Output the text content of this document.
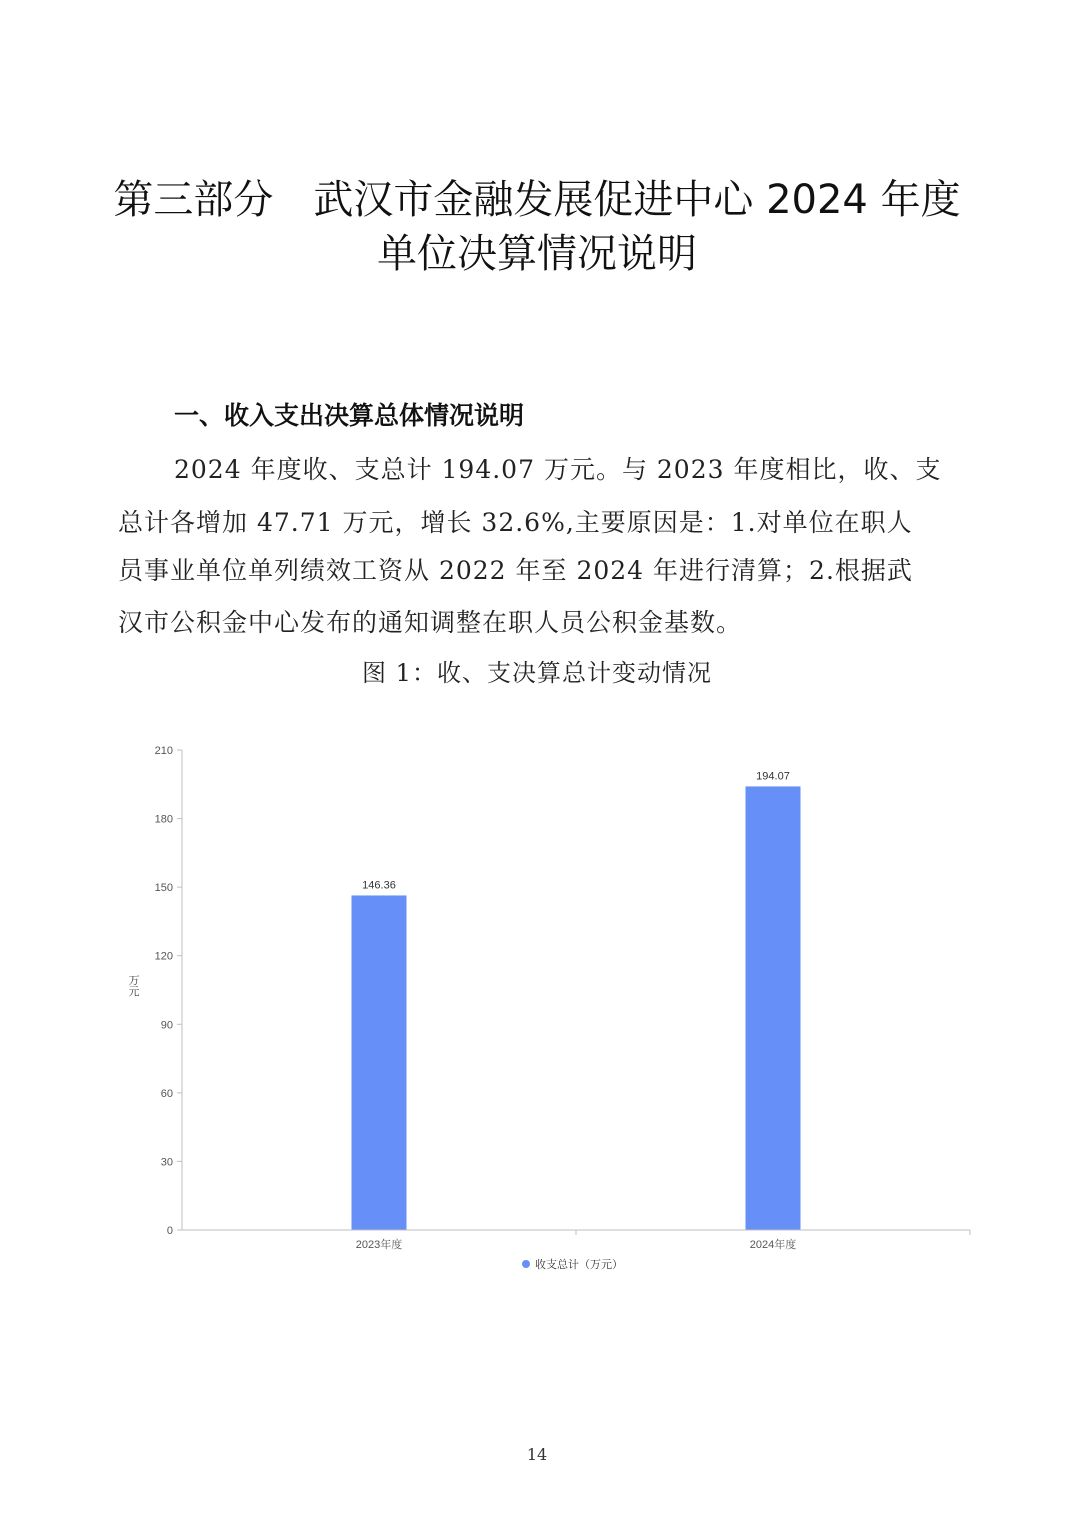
第三部分　武汉市金融发展促进中心 2024 年度
单位决算情况说明
一、收入支出决算总体情况说明
2024 年度收、支总计 194.07 万元。与 2023 年度相比，收、支
总计各增加 47.71 万元，增长 32.6%,主要原因是：1.对单位在职人
员事业单位单列绩效工资从 2022 年至 2024 年进行清算；2.根据武
汉市公积金中心发布的通知调整在职人员公积金基数。
图 1：收、支决算总计变动情况
0
30
60
90
120
150
180
210
万元
146.36
194.07
2023年度	2024年度
收支总计（万元）
14
